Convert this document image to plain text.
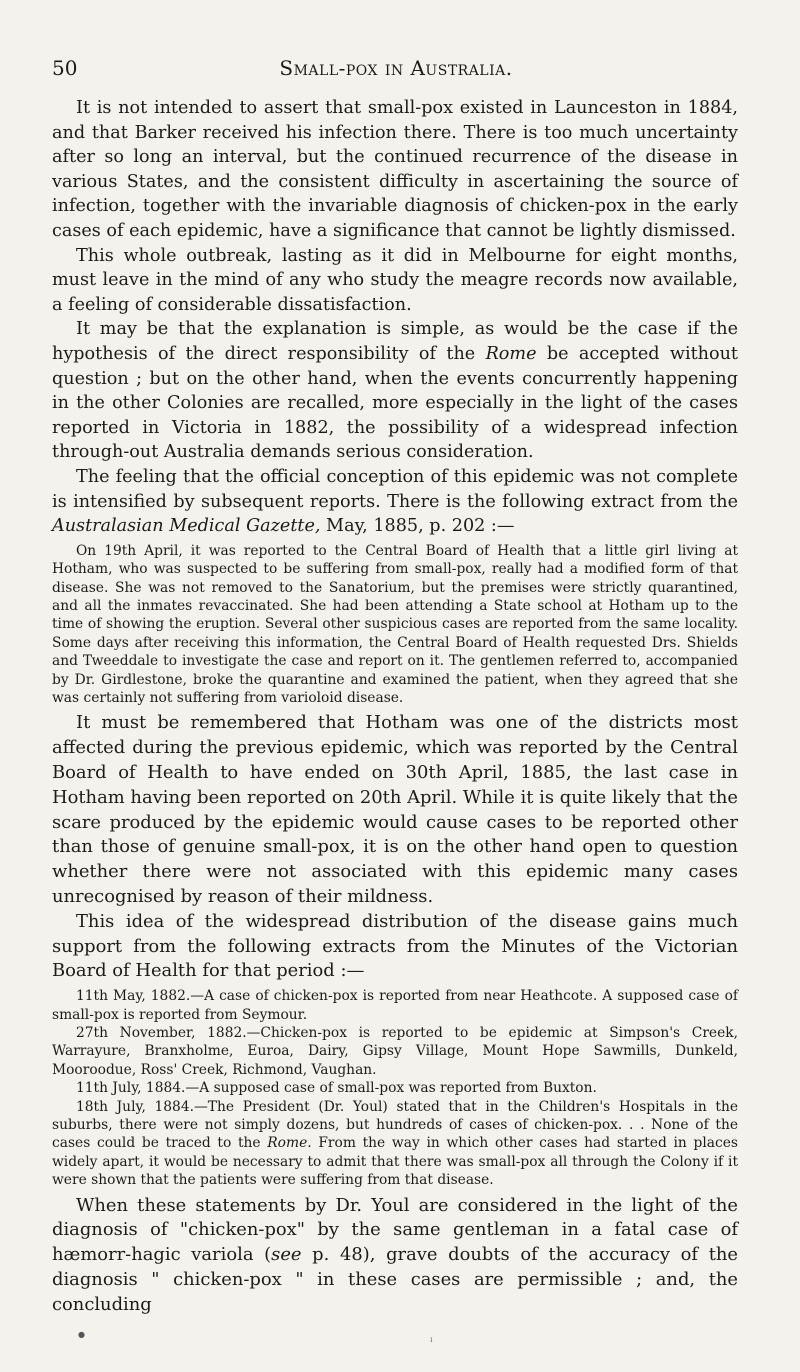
50	Small-pox in Australia.

It is not intended to assert that small-pox existed in Launceston in 1884, and that Barker received his infection there. There is too much uncertainty after so long an interval, but the continued recurrence of the disease in various States, and the consistent difficulty in ascertaining the source of infection, together with the invariable diagnosis of chicken-pox in the early cases of each epidemic, have a significance that cannot be lightly dismissed.

This whole outbreak, lasting as it did in Melbourne for eight months, must leave in the mind of any who study the meagre records now available, a feeling of considerable dissatisfaction.

It may be that the explanation is simple, as would be the case if the hypothesis of the direct responsibility of the Rome be accepted without question ; but on the other hand, when the events concurrently happening in the other Colonies are recalled, more especially in the light of the cases reported in Victoria in 1882, the possibility of a widespread infection through-out Australia demands serious consideration.

The feeling that the official conception of this epidemic was not complete is intensified by subsequent reports. There is the following extract from the Australasian Medical Gazette, May, 1885, p. 202 :—

On 19th April, it was reported to the Central Board of Health that a little girl living at Hotham, who was suspected to be suffering from small-pox, really had a modified form of that disease. She was not removed to the Sanatorium, but the premises were strictly quarantined, and all the inmates revaccinated. She had been attending a State school at Hotham up to the time of showing the eruption. Several other suspicious cases are reported from the same locality. Some days after receiving this information, the Central Board of Health requested Drs. Shields and Tweeddale to investigate the case and report on it. The gentlemen referred to, accompanied by Dr. Girdlestone, broke the quarantine and examined the patient, when they agreed that she was certainly not suffering from varioloid disease.

It must be remembered that Hotham was one of the districts most affected during the previous epidemic, which was reported by the Central Board of Health to have ended on 30th April, 1885, the last case in Hotham having been reported on 20th April. While it is quite likely that the scare produced by the epidemic would cause cases to be reported other than those of genuine small-pox, it is on the other hand open to question whether there were not associated with this epidemic many cases unrecognised by reason of their mildness.

This idea of the widespread distribution of the disease gains much support from the following extracts from the Minutes of the Victorian Board of Health for that period :—

11th May, 1882.—A case of chicken-pox is reported from near Heathcote. A supposed case of small-pox is reported from Seymour.

27th November, 1882.—Chicken-pox is reported to be epidemic at Simpson's Creek, Warrayure, Branxholme, Euroa, Dairy, Gipsy Village, Mount Hope Sawmills, Dunkeld, Mooroodue, Ross' Creek, Richmond, Vaughan.

11th July, 1884.—A supposed case of small-pox was reported from Buxton.

18th July, 1884.—The President (Dr. Youl) stated that in the Children's Hospitals in the suburbs, there were not simply dozens, but hundreds of cases of chicken-pox. . . None of the cases could be traced to the Rome. From the way in which other cases had started in places widely apart, it would be necessary to admit that there was small-pox all through the Colony if it were shown that the patients were suffering from that disease.

When these statements by Dr. Youl are considered in the light of the diagnosis of "chicken-pox" by the same gentleman in a fatal case of hæmorr-hagic variola (see p. 48), grave doubts of the accuracy of the diagnosis " chicken-pox " in these cases are permissible ; and, the concluding

●
ı
